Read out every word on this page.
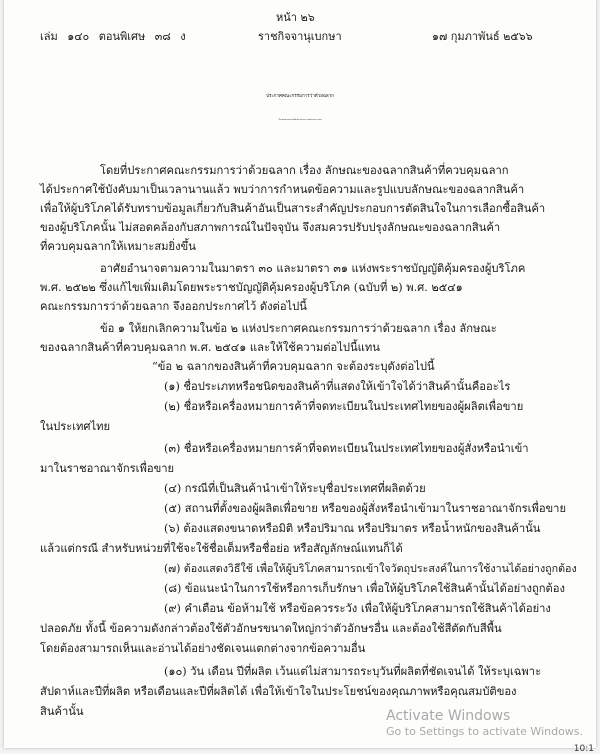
หน้า ๒๖
เล่ม ๑๔๐ ตอนพิเศษ ๓๘ ง	ราชกิจจานุเบกษา	๑๗ กุมภาพันธ์ ๒๕๖๖
ประกาศคณะกรรมการว่าด้วยฉลาก
เรื่อง ลักษณะของฉลากสินค้าที่ควบคุมฉลาก (ฉบับที่ ๓) พ.ศ. ๒๕๖๕
โดยที่ประกาศคณะกรรมการว่าด้วยฉลาก เรื่อง ลักษณะของฉลากสินค้าที่ควบคุมฉลาก
ได้ประกาศใช้บังคับมาเป็นเวลานานแล้ว พบว่าการกำหนดข้อความและรูปแบบลักษณะของฉลากสินค้า
เพื่อให้ผู้บริโภคได้รับทราบข้อมูลเกี่ยวกับสินค้าอันเป็นสาระสำคัญประกอบการตัดสินใจในการเลือกซื้อสินค้า
ของผู้บริโภคนั้น ไม่สอดคล้องกับสภาพการณ์ในปัจจุบัน จึงสมควรปรับปรุงลักษณะของฉลากสินค้า
ที่ควบคุมฉลากให้เหมาะสมยิ่งขึ้น
อาศัยอำนาจตามความในมาตรา ๓๐ และมาตรา ๓๑ แห่งพระราชบัญญัติคุ้มครองผู้บริโภค
พ.ศ. ๒๕๒๒ ซึ่งแก้ไขเพิ่มเติมโดยพระราชบัญญัติคุ้มครองผู้บริโภค (ฉบับที่ ๒) พ.ศ. ๒๕๔๑
คณะกรรมการว่าด้วยฉลาก จึงออกประกาศไว้ ดังต่อไปนี้
ข้อ ๑ ให้ยกเลิกความในข้อ ๒ แห่งประกาศคณะกรรมการว่าด้วยฉลาก เรื่อง ลักษณะ
ของฉลากสินค้าที่ควบคุมฉลาก พ.ศ. ๒๕๔๑ และให้ใช้ความต่อไปนี้แทน
“ข้อ ๒ ฉลากของสินค้าที่ควบคุมฉลาก จะต้องระบุดังต่อไปนี้
(๑) ชื่อประเภทหรือชนิดของสินค้าที่แสดงให้เข้าใจได้ว่าสินค้านั้นคืออะไร
(๒) ชื่อหรือเครื่องหมายการค้าที่จดทะเบียนในประเทศไทยของผู้ผลิตเพื่อขาย
ในประเทศไทย
(๓) ชื่อหรือเครื่องหมายการค้าที่จดทะเบียนในประเทศไทยของผู้สั่งหรือนำเข้า
มาในราชอาณาจักรเพื่อขาย
(๔) กรณีที่เป็นสินค้านำเข้าให้ระบุชื่อประเทศที่ผลิตด้วย
(๕) สถานที่ตั้งของผู้ผลิตเพื่อขาย หรือของผู้สั่งหรือนำเข้ามาในราชอาณาจักรเพื่อขาย
(๖) ต้องแสดงขนาดหรือมิติ หรือปริมาณ หรือปริมาตร หรือน้ำหนักของสินค้านั้น
แล้วแต่กรณี สำหรับหน่วยที่ใช้จะใช้ชื่อเต็มหรือชื่อย่อ หรือสัญลักษณ์แทนก็ได้
(๗) ต้องแสดงวิธีใช้ เพื่อให้ผู้บริโภคสามารถเข้าใจวัตถุประสงค์ในการใช้งานได้อย่างถูกต้อง
(๘) ข้อแนะนำในการใช้หรือการเก็บรักษา เพื่อให้ผู้บริโภคใช้สินค้านั้นได้อย่างถูกต้อง
(๙) คำเตือน ข้อห้ามใช้ หรือข้อควรระวัง เพื่อให้ผู้บริโภคสามารถใช้สินค้าได้อย่าง
ปลอดภัย ทั้งนี้ ข้อความดังกล่าวต้องใช้ตัวอักษรขนาดใหญ่กว่าตัวอักษรอื่น และต้องใช้สีตัดกับสีพื้น
โดยต้องสามารถเห็นและอ่านได้อย่างชัดเจนแตกต่างจากข้อความอื่น
(๑๐) วัน เดือน ปีที่ผลิต เว้นแต่ไม่สามารถระบุวันที่ผลิตที่ชัดเจนได้ ให้ระบุเฉพาะ
สัปดาห์และปีที่ผลิต หรือเดือนและปีที่ผลิตได้ เพื่อให้เข้าใจในประโยชน์ของคุณภาพหรือคุณสมบัติของ
สินค้านั้น	Activate Windows
Go to Settings to activate Windows.
10:1
